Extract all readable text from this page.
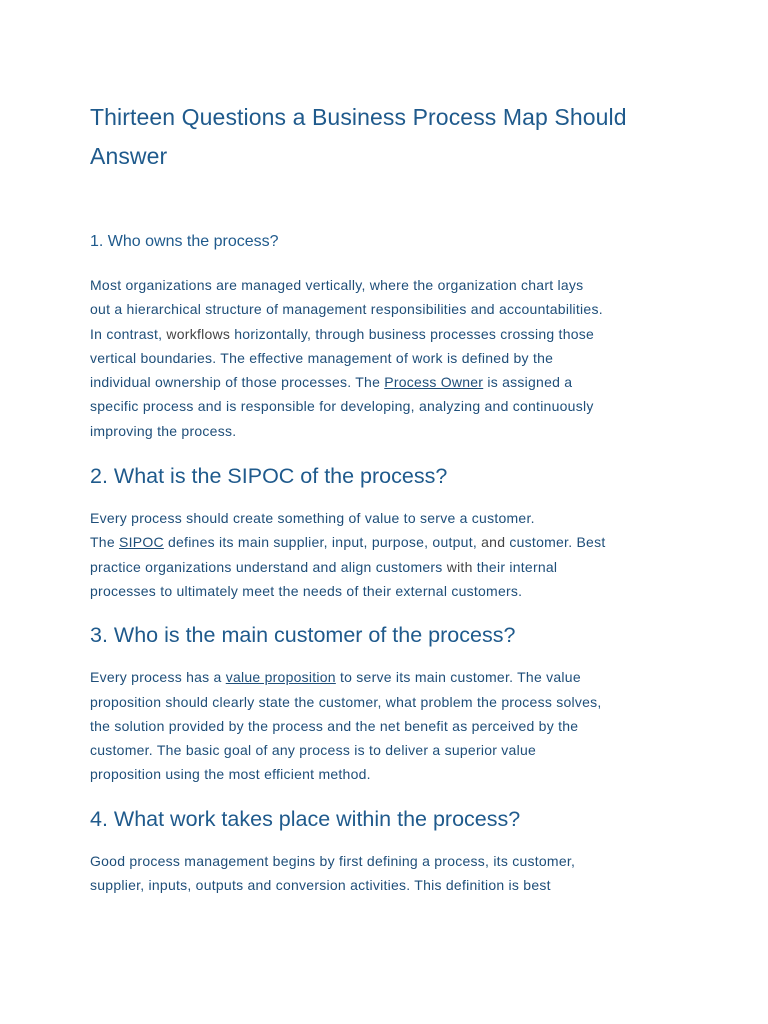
Thirteen Questions a Business Process Map Should
Answer
1. Who owns the process?

Most organizations are managed vertically, where the organization chart lays
out a hierarchical structure of management responsibilities and accountabilities.
In contrast, workflows horizontally, through business processes crossing those
vertical boundaries. The effective management of work is defined by the
individual ownership of those processes. The Process Owner is assigned a
specific process and is responsible for developing, analyzing and continuously
improving the process.

2. What is the SIPOC of the process?

Every process should create something of value to serve a customer.
The SIPOC defines its main supplier, input, purpose, output, and customer. Best
practice organizations understand and align customers with their internal
processes to ultimately meet the needs of their external customers.

3. Who is the main customer of the process?

Every process has a value proposition to serve its main customer. The value
proposition should clearly state the customer, what problem the process solves,
the solution provided by the process and the net benefit as perceived by the
customer. The basic goal of any process is to deliver a superior value
proposition using the most efficient method.

4. What work takes place within the process?

Good process management begins by first defining a process, its customer,
supplier, inputs, outputs and conversion activities. This definition is best
